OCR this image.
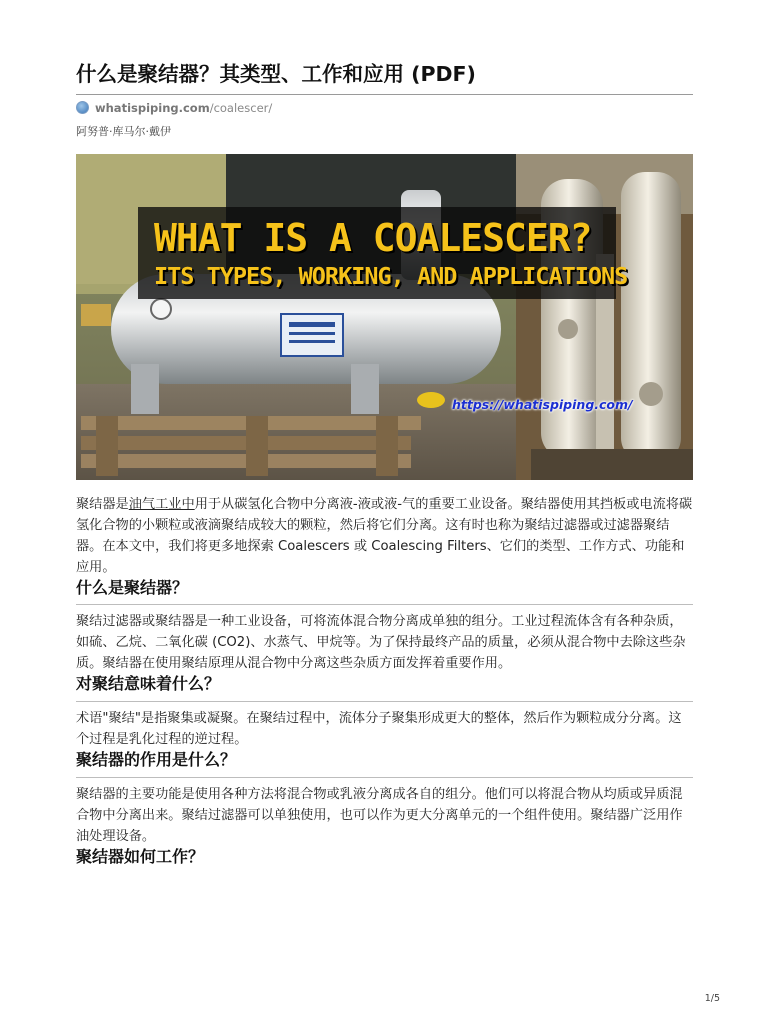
什么是聚结器？其类型、工作和应用 (PDF)
whatispiping.com /coalescer/
阿努普·库马尔·戴伊
WHAT IS A COALESCER?
ITS TYPES, WORKING, AND APPLICATIONS
https://whatispiping.com/

聚结器是油气工业中用于从碳氢化合物中分离液-液或液-气的重要工业设备。聚结器使用其挡板或电流将碳氢化合物的小颗粒或液滴聚结成较大的颗粒，然后将它们分离。这有时也称为聚结过滤器或过滤器聚结器。在本文中，我们将更多地探索 Coalescers 或 Coalescing Filters、它们的类型、工作方式、功能和应用。

什么是聚结器？

聚结过滤器或聚结器是一种工业设备，可将流体混合物分离成单独的组分。工业过程流体含有各种杂质，如硫、乙烷、二氧化碳 (CO2)、水蒸气、甲烷等。为了保持最终产品的质量，必须从混合物中去除这些杂质。聚结器在使用聚结原理从混合物中分离这些杂质方面发挥着重要作用。

对聚结意味着什么？

术语"聚结"是指聚集或凝聚。在聚结过程中，流体分子聚集形成更大的整体，然后作为颗粒成分分离。这个过程是乳化过程的逆过程。

聚结器的作用是什么？

聚结器的主要功能是使用各种方法将混合物或乳液分离成各自的组分。他们可以将混合物从均质或异质混合物中分离出来。聚结过滤器可以单独使用，也可以作为更大分离单元的一个组件使用。聚结器广泛用作油处理设备。

聚结器如何工作？
1/5
